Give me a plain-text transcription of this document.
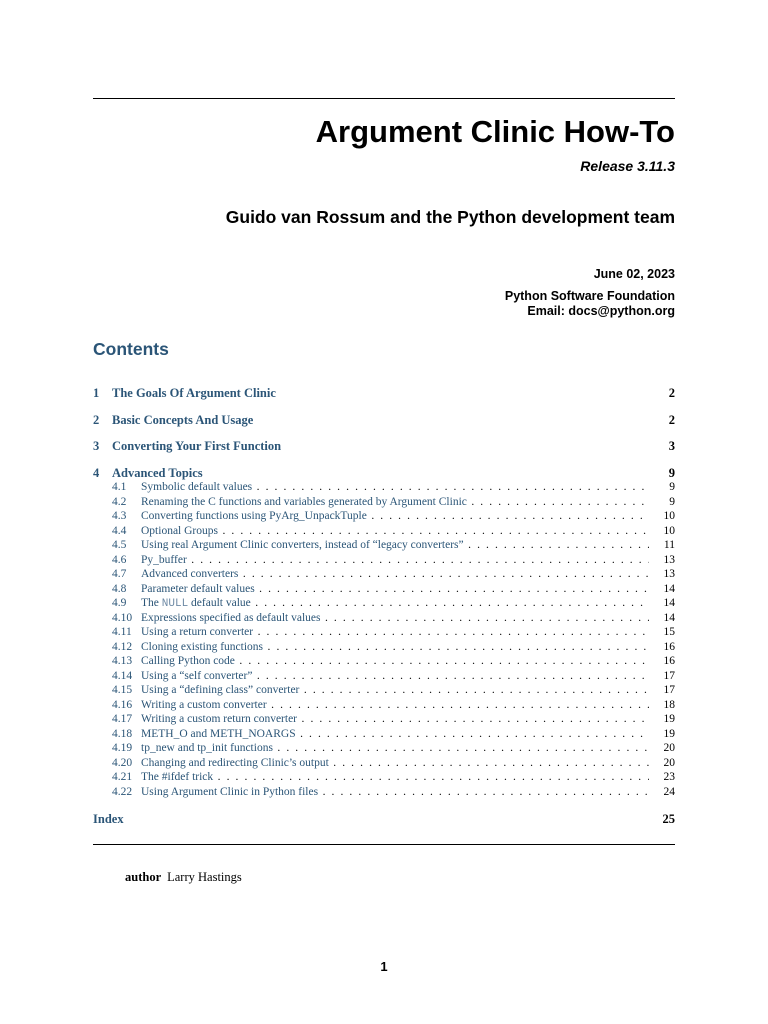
Argument Clinic How-To
Release 3.11.3
Guido van Rossum and the Python development team
June 02, 2023
Python Software Foundation
Email: docs@python.org
Contents
1 The Goals Of Argument Clinic	2
2 Basic Concepts And Usage	2
3 Converting Your First Function	3
4 Advanced Topics	9
4.1 Symbolic default values . . .	9
4.2 Renaming the C functions and variables generated by Argument Clinic . . .	9
4.3 Converting functions using PyArg_UnpackTuple . . .	10
4.4 Optional Groups . . .	10
4.5 Using real Argument Clinic converters, instead of “legacy converters” . . .	11
4.6 Py_buffer . . .	13
4.7 Advanced converters . . .	13
4.8 Parameter default values . . .	14
4.9 The NULL default value . . .	14
4.10 Expressions specified as default values . . .	14
4.11 Using a return converter . . .	15
4.12 Cloning existing functions . . .	16
4.13 Calling Python code . . .	16
4.14 Using a “self converter” . . .	17
4.15 Using a “defining class” converter . . .	17
4.16 Writing a custom converter . . .	18
4.17 Writing a custom return converter . . .	19
4.18 METH_O and METH_NOARGS . . .	19
4.19 tp_new and tp_init functions . . .	20
4.20 Changing and redirecting Clinic’s output . . .	20
4.21 The #ifdef trick . . .	23
4.22 Using Argument Clinic in Python files . . .	24
Index	25
author Larry Hastings
1
